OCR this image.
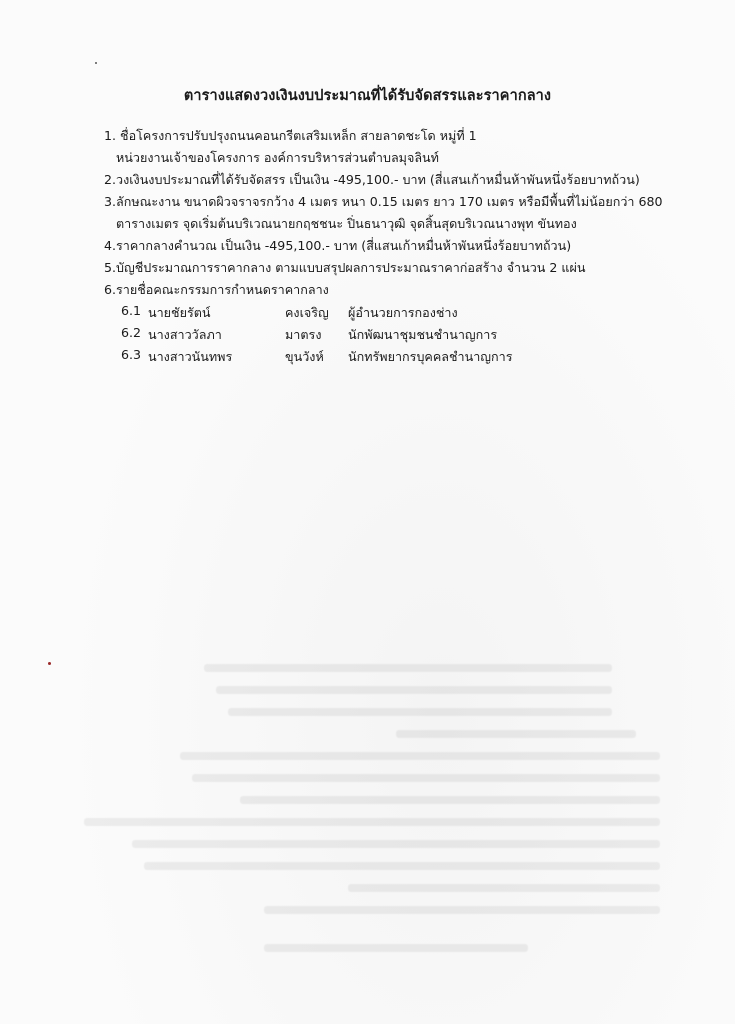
ตารางแสดงวงเงินงบประมาณที่ได้รับจัดสรรและราคากลาง
1. ชื่อโครงการปรับปรุงถนนคอนกรีตเสริมเหล็ก สายลาดชะโด หมู่ที่ 1
หน่วยงานเจ้าของโครงการ องค์การบริหารส่วนตำบลมุจลินท์
2.วงเงินงบประมาณที่ได้รับจัดสรร เป็นเงิน -495,100.- บาท (สี่แสนเก้าหมื่นห้าพันหนึ่งร้อยบาทถ้วน)
3.ลักษณะงาน ขนาดผิวจราจรกว้าง 4 เมตร หนา 0.15 เมตร ยาว 170 เมตร หรือมีพื้นที่ไม่น้อยกว่า 680
ตารางเมตร จุดเริ่มต้นบริเวณนายกฤชชนะ ปิ่นธนาวุฒิ จุดสิ้นสุดบริเวณนางพุท ขันทอง
4.ราคากลางคำนวณ เป็นเงิน -495,100.- บาท (สี่แสนเก้าหมื่นห้าพันหนึ่งร้อยบาทถ้วน)
5.บัญชีประมาณการราคากลาง ตามแบบสรุปผลการประมาณราคาก่อสร้าง จำนวน 2 แผ่น
6.รายชื่อคณะกรรมการกำหนดราคากลาง
6.1 นายชัยรัตน์	คงเจริญ ผู้อำนวยการกองช่าง
6.2 นางสาววัลภา	มาตรง นักพัฒนาชุมชนชำนาญการ
6.3 นางสาวนันทพร	ขุนวังห์ นักทรัพยากรบุคคลชำนาญการ
